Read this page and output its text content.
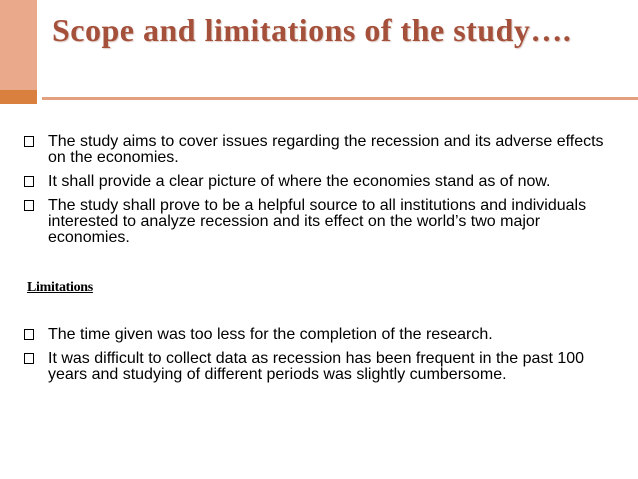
Scope and limitations of the study….
The study aims to cover issues regarding the recession and its adverse effects on the economies.
It shall provide a clear picture of where the economies stand as of now.
The study shall prove to be a helpful source to all institutions and individuals interested to analyze recession and its effect on the world’s two major economies.
Limitations
The time given was too less for the completion of the research.
It was difficult to collect data as recession has been frequent in the past 100 years and studying of different periods was slightly cumbersome.
